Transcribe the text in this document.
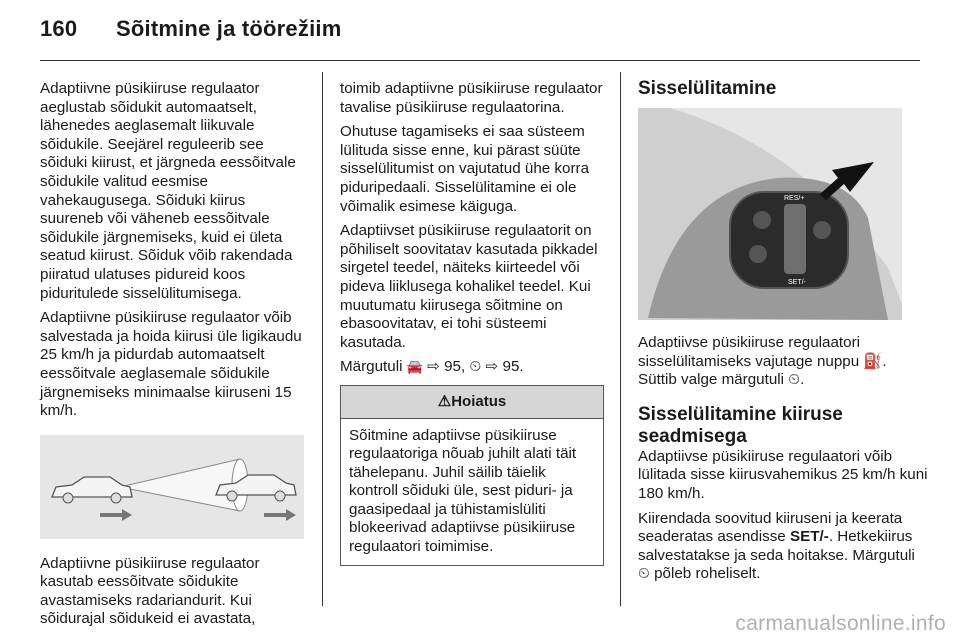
160 Sõitmine ja töörežiim

Adaptiivne püsikiiruse regulaator aeglustab sõidukit automaatselt, lähenedes aeglasemalt liikuvale sõidukile. Seejärel reguleerib see sõiduki kiirust, et järgneda eessõitvale sõidukile valitud eesmise vahekaugusega. Sõiduki kiirus suureneb või väheneb eessõitvale sõidukile järgnemiseks, kuid ei ületa seatud kiirust. Sõiduk võib rakendada piiratud ulatuses pidureid koos piduritulede sisselülitumisega.

Adaptiivne püsikiiruse regulaator võib salvestada ja hoida kiirusi üle ligikaudu 25 km/h ja pidurdab automaatselt eessõitvale aeglasemale sõidukile järgnemiseks minimaalse kiiruseni 15 km/h.

Adaptiivne püsikiiruse regulaator kasutab eessõitvate sõidukite avastamiseks radariandurit. Kui sõidurajal sõidukeid ei avastata,

toimib adaptiivne püsikiiruse regulaator tavalise püsikiiruse regulaatorina.

Ohutuse tagamiseks ei saa süsteem lülituda sisse enne, kui pärast süüte sisselülitumist on vajutatud ühe korra piduripedaali. Sisselülitamine ei ole võimalik esimese käiguga.

Adaptiivset püsikiiruse regulaatorit on põhiliselt soovitatav kasutada pikkadel sirgetel teedel, näiteks kiirteedel või pideva liiklusega kohalikel teedel. Kui muutumatu kiirusega sõitmine on ebasoovitatav, ei tohi süsteemi kasutada.

Märgutuli 🚘 ⇨ 95, ⏲ ⇨ 95.

⚠Hoiatus
Sõitmine adaptiivse püsikiiruse regulaatoriga nõuab juhilt alati täit tähelepanu. Juhil säilib täielik kontroll sõiduki üle, sest piduri- ja gaasipedaal ja tühistamislüliti blokeerivad adaptiivse püsikiiruse regulaatori toimimise.
Sisselülitamine
RES/+
SET/-

Adaptiivse püsikiiruse regulaatori sisselülitamiseks vajutage nuppu ⛽. Süttib valge märgutuli ⏲.

Sisselülitamine kiiruse seadmisega

Adaptiivse püsikiiruse regulaatori võib lülitada sisse kiirusvahemikus 25 km/h kuni 180 km/h.

Kiirendada soovitud kiiruseni ja keerata seaderatas asendisse SET/-. Hetkekiirus salvestatakse ja seda hoitakse. Märgutuli ⏲ põleb roheliselt.

carmanualsonline.info
